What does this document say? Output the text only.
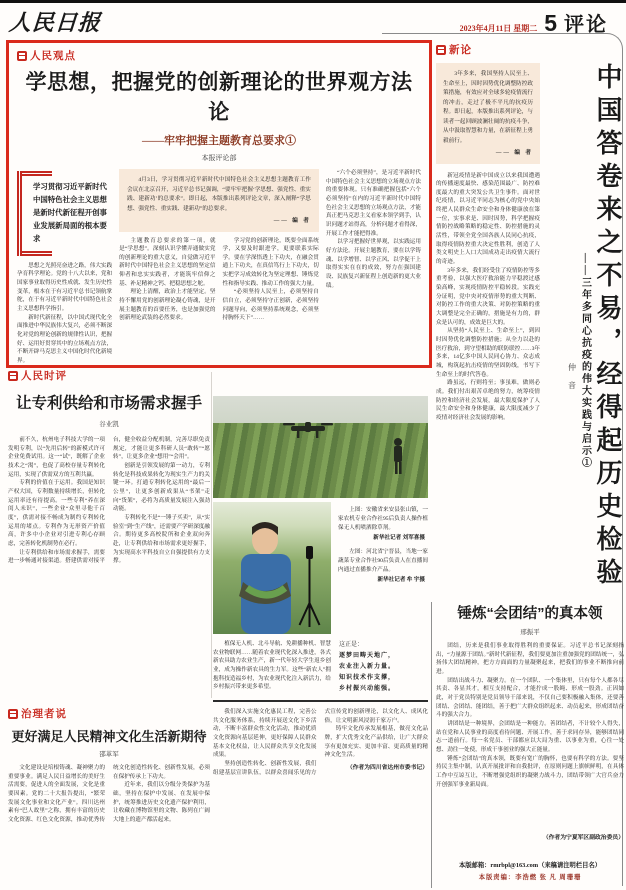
人民日报	2023年4月11日 星期二 5 评论
人民观点
学思想，把握党的创新理论的世界观方法论
——牢牢把握主题教育总要求①
本报评论部
学习贯彻习近平新时代中国特色社会主义思想是新时代新征程开创事业发展新局面的根本要求

思想之光照亮奋进之路，伟大实践孕育科学理论。党的十八大以来，党和国家事业取得历史性成就、发生历史性变革，根本在于有习近平总书记领航掌舵，在于有习近平新时代中国特色社会主义思想科学指引。

新时代新征程，以中国式现代化全面推进中华民族伟大复兴，必须不断深化对党的理论创新的规律性认识，把握好、运用好贯穿其中的立场观点方法，不断开辟马克思主义中国化时代化新境界。

4月3日，学习贯彻习近平新时代中国特色社会主义思想主题教育工作会议在北京召开，习近平总书记强调，“要牢牢把握‘学思想、强党性、重实践、建新功’的总要求”。即日起，本版推出系列评论文章，深入阐释“学思想、强党性、重实践、建新功”的总要求。
—— 编 者

主题教育总要求的第一项，就是“学思想”。深刻认识学懂弄通做实党的创新理论的重大意义，自觉做习近平新时代中国特色社会主义思想的坚定信仰者和忠实实践者，才能筑牢信仰之基、补足精神之钙、把稳思想之舵。

理论上清醒，政治上才能坚定。坚持不懈用党的创新理论凝心铸魂，是开展主题教育的首要任务，也是加强党的创新理论武装的必然要求。

学习党的创新理论，既要全面系统学，又要及时跟进学，更要联系实际学。要在学深悟透上下功夫，在融会贯通上下功夫，在真信笃行上下功夫，切实把学习成效转化为坚定理想、锤炼党性和指导实践、推动工作的强大力量。

“必须坚持人民至上，必须坚持自信自立，必须坚持守正创新，必须坚持问题导向，必须坚持系统观念，必须坚持胸怀天下”……

“六个必须坚持”，是习近平新时代中国特色社会主义思想的立场观点方法的重要体现。只有准确把握包括“六个必须坚持”在内的习近平新时代中国特色社会主义思想的立场观点方法，才能真正把马克思主义看家本领学到手，认识问题才站得高，分析问题才看得深，开展工作才能把得准。

以学习把握好世界观，以实践运用好方法论。开展主题教育，要在以学铸魂、以学增智、以学正风、以学促干上取得实实在在的成效，努力在强国建设、民族复兴新征程上创造新的更大业绩。

新论
3年多来，我国坚持人民至上、生命至上，因时因势优化调整防控政策措施，有效应对全球多轮疫情流行的冲击，走过了极不平凡的抗疫历程。即日起，本版推出系列评论，与读者一起回顾波澜壮阔的抗疫斗争，从中汲取智慧和力量，在新征程上勇毅前行。
—— 编 者

新冠疫情是新中国成立以来我国遭遇的传播速度最快、感染范围最广、防控难度最大的重大突发公共卫生事件。面对世纪疫情，以习近平同志为核心的党中央始终把人民群众生命安全和身体健康放在第一位，实事求是、因时因势，科学把握疫情防控战略策略的稳定性、防控措施的灵活性，带领全党全国各族人民同心抗疫，取得疫情防控重大决定性胜利，创造了人类文明史上人口大国成功走出疫情大流行的奇迹。

3年多来，我们经受住了疫情防控等多重考验，以强大医疗救治能力平稳渡过感染高峰，实现疫情防控平稳转段。实践充分证明，党中央对疫情形势的重大判断、对防控工作的重大决策、对防控策略的重大调整是完全正确的，措施是有力的，群众是认可的，成效是巨大的。

从坚持“人民至上、生命至上”，到因时因势优化调整防控措施；从全力以赴的医疗救治，到守望相助的联防联控……3年多来，14亿多中国人民同心协力、众志成城，构筑起抗击疫情的坚固防线，书写下生命至上的时代答卷。

路虽远，行则将至；事虽难，做则必成。我们付出艰苦卓绝的努力，统筹疫情防控和经济社会发展，最大限度保护了人民生命安全和身体健康，最大限度减少了疫情对经济社会发展的影响。	中国答卷来之不易，经得起历史检验
——三年多同心抗疫的伟大实践与启示①
仲 音

人民时评
让专利供给和市场需求握手
谷业凯

前不久，杭州电子科技大学的一项发明专利，以“先用后转”的新模式许可企业免费试用。这一“试”，既解了企业技术之“渴”，也促了高校存量专利转化运用，实现了供需双方的互利共赢。

专利的价值在于运用。我国是知识产权大国，专利数量持续增长，但转化运用率还有待提高。一些专利“养在深闺人未识”，一些企业“众里寻他千百度”，供需对接不畅成为制约专利转化运用的堵点。专利作为无形资产价值高，许多中小企业对引进专利心存顾虑，完善转化机制势在必行。

让专利供给和市场需求握手，需要进一步畅通对接渠道。搭建供需对接平台，健全收益分配机制，完善尽职免责规定，才能让更多科研人员“敢转”“愿转”，让更多企业“想用”“会用”。

创新是引领发展的第一动力，专利转化是科技成果转化为现实生产力的关键一环。打通专利转化运用的“最后一公里”，让更多创新成果从“书架”走向“货架”，必将为高质量发展注入强劲动能。

专利转化不是“一锤子买卖”，从“实验室”到“生产线”，还需要产学研深度融合。期待更多高校院所和企业双向奔赴，让专利供给和市场需求更好握手，为实现高水平科技自立自强提供有力支撑。

上图：安徽省来安县张山镇，一家农机专业合作社95后负责人操作植保无人机喷洒除草剂。

新华社记者 刘军喜摄

左图：河北省宁晋县，当地一家蔬菜专业合作社90后负责人在直播间内通过直播推介产品。

新华社记者 牟 宇摄

植保无人机、北斗导航、免耕播种机、智慧农业物联网……随着农业现代化深入推进，各式新农具助力农业生产，新一代年轻大学生返乡创业，成为操作新农具的生力军。这些“新农人”拥抱科技造福乡村，为农业现代化注入新活力，给乡村振兴带来更多希望。

这正是：

逐梦田畴天地广，

农业注入新力量。

知识技术作支撑，

乡村振兴动能强。

治理者说
更好满足人民精神文化生活新期待
邵革军

文化建设是培根铸魂、凝神聚力的重要事业。满足人民日益增长的美好生活需要，促进人的全面发展，文化是重要因素。党的二十大报告提出，“繁荣发展文化事业和文化产业”。四川达州素有“巴人故里”之称，拥有丰富的历史文化资源、红色文化资源，推动优秀传统文化创造性转化、创新性发展，必须在保护传承上下功夫。

近年来，我们以分级分类保护为基础，坚持在保护中发展、在发展中保护，统筹推进历史文化遗产保护利用，让收藏在博物馆里的文物、陈列在广阔大地上的遗产都活起来。

我们深入实施文化惠民工程，完善公共文化服务体系，持续开展送文化下乡活动，不断丰富群众性文化活动，推动优质文化资源向基层延伸，更好保障人民群众基本文化权益，让人民群众共享文化发展成果。

坚持创造性转化、创新性发展，我们组建基层宣讲队伍，以群众喜闻乐见的方式宣传党的创新理论，以文化人、成风化俗，让文明新风浸润千家万户。

铸牢文化传承发展根基，做亮文化品牌，扩大优秀文化产品供给，让广大群众享有更加充实、更加丰富、更高质量的精神文化生活。

（作者为四川省达州市委书记）
锤炼“会团结”的真本领
邢振平

团结，历来是我们事业取得胜利的重要保证。习近平总书记深刻指出，“力量源于团结。”新时代新征程，我们要更加注重加强党的团结统一，弘扬伟大团结精神，把方方面面的力量凝聚起来，把我们的事业不断推向前进。

团结出战斗力、凝聚力。在一个团队、一个集体里，只有每个人都各尽其责、各显其才，相互支持配合，才能拧成一股绳、形成一股劲。正因如此，对于党员特别是党员领导干部来说，不仅自己要积极融入集体，还要善团结、会团结、能团结，善于把广大群众组织起来、动员起来，形成团结奋斗的强大合力。

讲团结是一种境界，会团结是一种能力。善团结者，不计较个人得失，站在党和人民事业的高度看待问题、开展工作，善于求同存异，能够团结同志一道前行。每一名党员、干部都应以大局为重、以事业为重，心往一处想、劲往一处使，形成干事创业的强大正能量。

锤炼“会团结”的真本领，既要有宽广的胸怀，也要有科学的方法。要坚持民主集中制，认真开展批评和自我批评，在原则问题上旗帜鲜明，在具体工作中互谅互让，不断增强党组织的凝聚力战斗力，团结带领广大官兵奋力开创强军事业新局面。

（作者为宁夏军区副政治委员）
本版邮箱：rmrbpl@163.com（来稿请注明栏目名）
本版责编：李浩燃 张 凡 周珊珊
